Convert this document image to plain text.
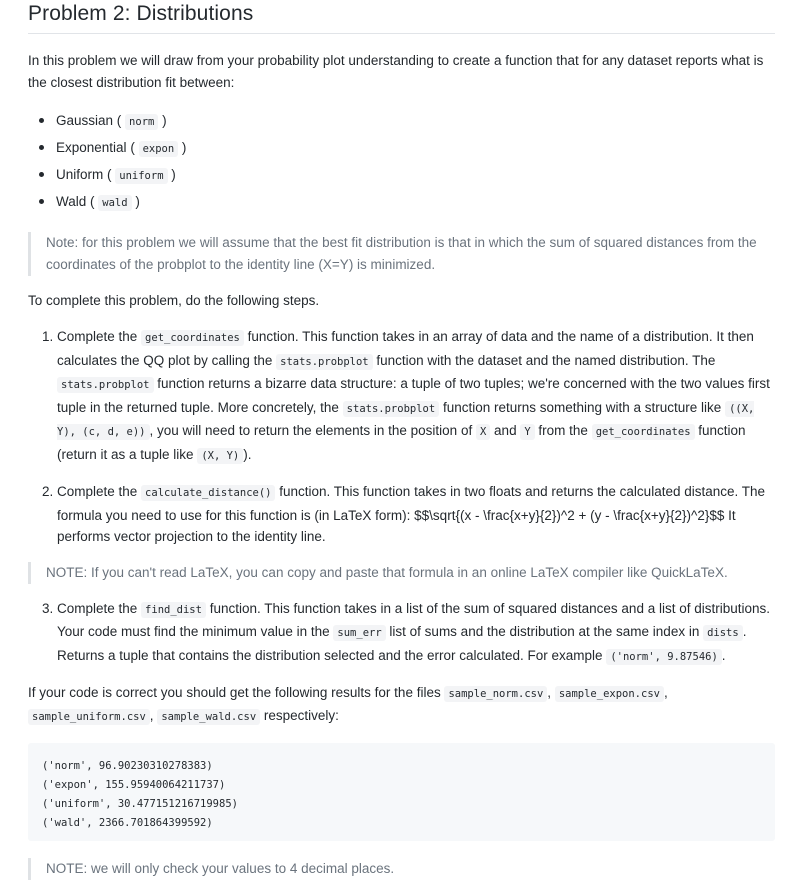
Problem 2: Distributions

In this problem we will draw from your probability plot understanding to create a function that for any dataset reports what is the closest distribution fit between:

Gaussian ( norm )
Exponential ( expon )
Uniform ( uniform )
Wald ( wald )

Note: for this problem we will assume that the best fit distribution is that in which the sum of squared distances from the coordinates of the probplot to the identity line (X=Y) is minimized.

To complete this problem, do the following steps.

1. Complete the get_coordinates function. This function takes in an array of data and the name of a distribution. It then calculates the QQ plot by calling the stats.probplot function with the dataset and the named distribution. The stats.probplot function returns a bizarre data structure: a tuple of two tuples; we're concerned with the two values first tuple in the returned tuple. More concretely, the stats.probplot function returns something with a structure like ((X, Y), (c, d, e)) , you will need to return the elements in the position of X and Y from the get_coordinates function (return it as a tuple like (X, Y) ).
2. Complete the calculate_distance() function. This function takes in two floats and returns the calculated distance. The formula you need to use for this function is (in LaTeX form): $$\sqrt{(x - \frac{x+y}{2})^2 + (y - \frac{x+y}{2})^2}$$ It performs vector projection to the identity line.

NOTE: If you can't read LaTeX, you can copy and paste that formula in an online LaTeX compiler like QuickLaTeX.

3. Complete the find_dist function. This function takes in a list of the sum of squared distances and a list of distributions. Your code must find the minimum value in the sum_err list of sums and the distribution at the same index in dists . Returns a tuple that contains the distribution selected and the error calculated. For example ('norm', 9.87546) .

If your code is correct you should get the following results for the files sample_norm.csv , sample_expon.csv , sample_uniform.csv , sample_wald.csv respectively:

('norm', 96.90230310278383)
('expon', 155.95940064211737)
('uniform', 30.477151216719985)
('wald', 2366.701864399592)

NOTE: we will only check your values to 4 decimal places.
